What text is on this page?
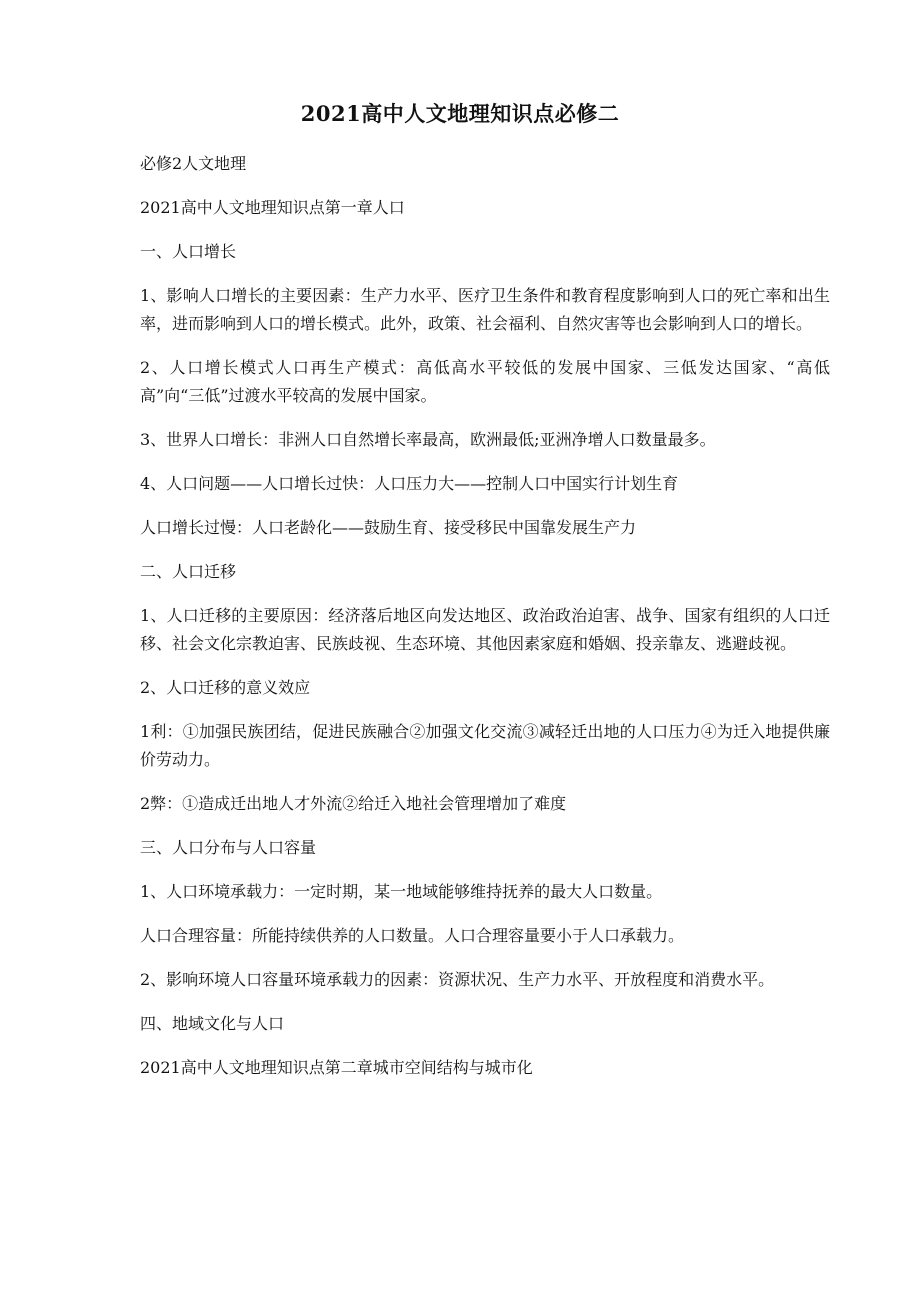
2021高中人文地理知识点必修二

必修2人文地理

2021高中人文地理知识点第一章人口

一、人口增长

1、影响人口增长的主要因素：生产力水平、医疗卫生条件和教育程度影响到人口的死亡率和出生率，进而影响到人口的增长模式。此外，政策、社会福利、自然灾害等也会影响到人口的增长。

2、人口增长模式人口再生产模式：高低高水平较低的发展中国家、三低发达国家、“高低高”向“三低”过渡水平较高的发展中国家。

3、世界人口增长：非洲人口自然增长率最高，欧洲最低;亚洲净增人口数量最多。

4、人口问题——人口增长过快：人口压力大——控制人口中国实行计划生育

人口增长过慢：人口老龄化——鼓励生育、接受移民中国靠发展生产力

二、人口迁移

1、人口迁移的主要原因：经济落后地区向发达地区、政治政治迫害、战争、国家有组织的人口迁移、社会文化宗教迫害、民族歧视、生态环境、其他因素家庭和婚姻、投亲靠友、逃避歧视。

2、人口迁移的意义效应

1利：①加强民族团结，促进民族融合②加强文化交流③减轻迁出地的人口压力④为迁入地提供廉价劳动力。

2弊：①造成迁出地人才外流②给迁入地社会管理增加了难度

三、人口分布与人口容量

1、人口环境承载力：一定时期，某一地域能够维持抚养的最大人口数量。

人口合理容量：所能持续供养的人口数量。人口合理容量要小于人口承载力。

2、影响环境人口容量环境承载力的因素：资源状况、生产力水平、开放程度和消费水平。

四、地域文化与人口

2021高中人文地理知识点第二章城市空间结构与城市化
